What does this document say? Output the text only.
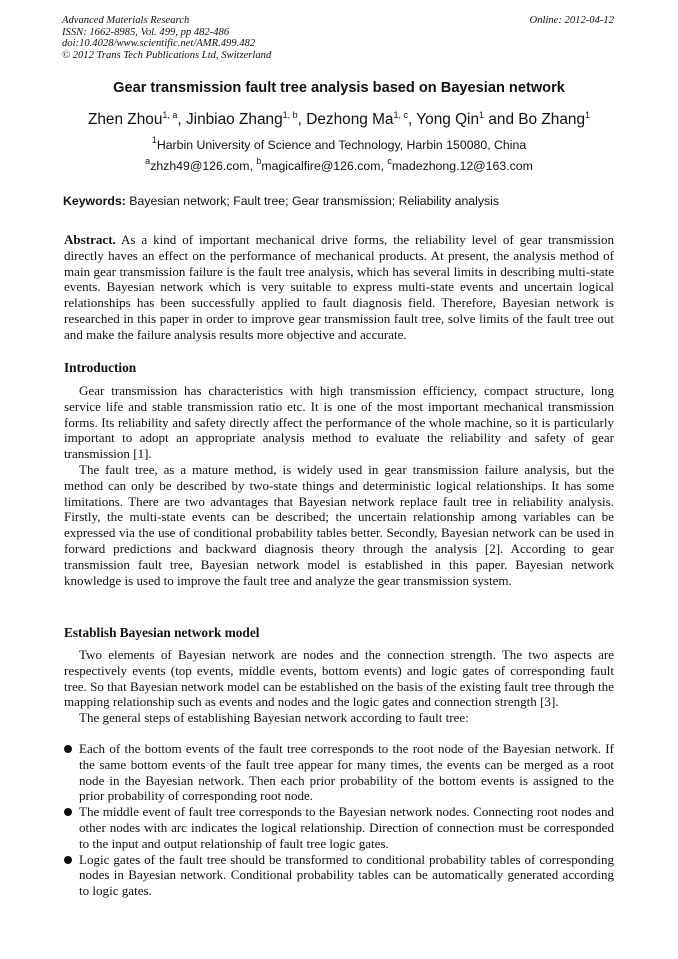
Advanced Materials Research
ISSN: 1662-8985, Vol. 499, pp 482-486
doi:10.4028/www.scientific.net/AMR.499.482
© 2012 Trans Tech Publications Ltd, Switzerland
Online: 2012-04-12
Gear transmission fault tree analysis based on Bayesian network
Zhen Zhou$^{1, a}$, Jinbiao Zhang$^{1, b}$, Dezhong Ma$^{1, c}$, Yong Qin$^1$ and Bo Zhang$^1$
$^1$Harbin University of Science and Technology, Harbin 150080, China
$^a$zhzh49@126.com, $^b$magicalfire@126.com, $^c$madezhong.12@163.com
Keywords: Bayesian network; Fault tree; Gear transmission; Reliability analysis

Abstract. As a kind of important mechanical drive forms, the reliability level of gear transmission directly haves an effect on the performance of mechanical products. At present, the analysis method of main gear transmission failure is the fault tree analysis, which has several limits in describing multi-state events. Bayesian network which is very suitable to express multi-state events and uncertain logical relationships has been successfully applied to fault diagnosis field. Therefore, Bayesian network is researched in this paper in order to improve gear transmission fault tree, solve limits of the fault tree out and make the failure analysis results more objective and accurate.

Introduction

Gear transmission has characteristics with high transmission efficiency, compact structure, long service life and stable transmission ratio etc. It is one of the most important mechanical transmission forms. Its reliability and safety directly affect the performance of the whole machine, so it is particularly important to adopt an appropriate analysis method to evaluate the reliability and safety of gear transmission [1].

The fault tree, as a mature method, is widely used in gear transmission failure analysis, but the method can only be described by two-state things and deterministic logical relationships. It has some limitations. There are two advantages that Bayesian network replace fault tree in reliability analysis. Firstly, the multi-state events can be described; the uncertain relationship among variables can be expressed via the use of conditional probability tables better. Secondly, Bayesian network can be used in forward predictions and backward diagnosis theory through the analysis [2]. According to gear transmission fault tree, Bayesian network model is established in this paper. Bayesian network knowledge is used to improve the fault tree and analyze the gear transmission system.

Establish Bayesian network model

Two elements of Bayesian network are nodes and the connection strength. The two aspects are respectively events (top events, middle events, bottom events) and logic gates of corresponding fault tree. So that Bayesian network model can be established on the basis of the existing fault tree through the mapping relationship such as events and nodes and the logic gates and connection strength [3].

The general steps of establishing Bayesian network according to fault tree:

Each of the bottom events of the fault tree corresponds to the root node of the Bayesian network. If the same bottom events of the fault tree appear for many times, the events can be merged as a root node in the Bayesian network. Then each prior probability of the bottom events is assigned to the prior probability of corresponding root node.
The middle event of fault tree corresponds to the Bayesian network nodes. Connecting root nodes and other nodes with arc indicates the logical relationship. Direction of connection must be corresponded to the input and output relationship of fault tree logic gates.
Logic gates of the fault tree should be transformed to conditional probability tables of corresponding nodes in Bayesian network. Conditional probability tables can be automatically generated according to logic gates.
